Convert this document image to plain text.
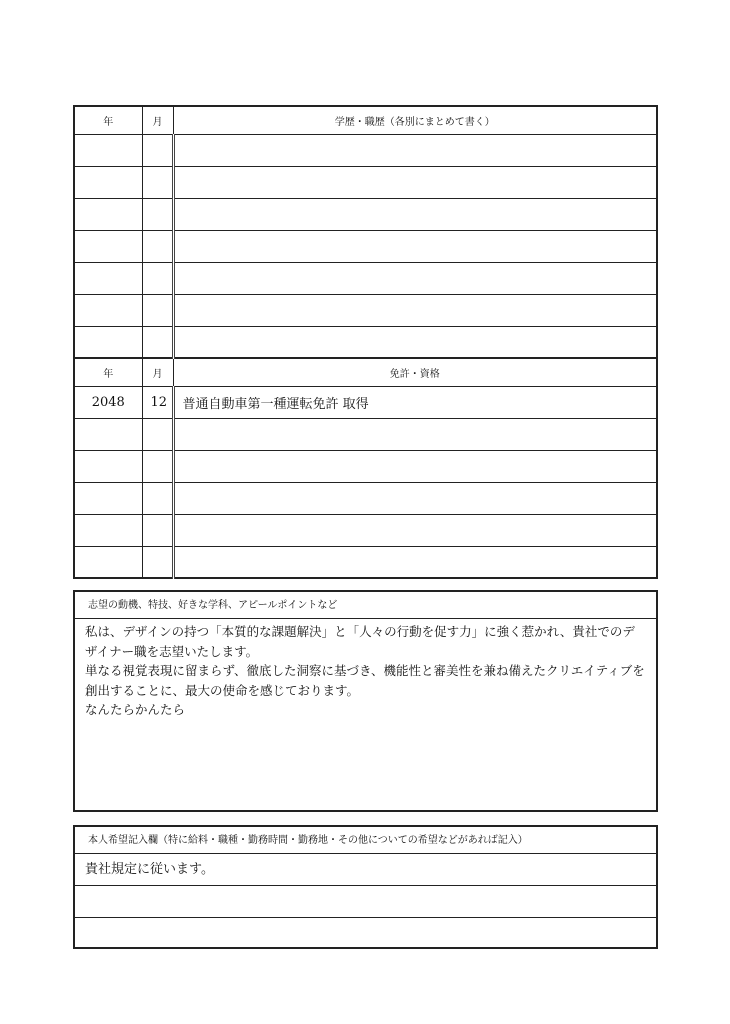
年	月	学歴・職歴（各別にまとめて書く）

年	月	免許・資格
2048	12	普通自動車第一種運転免許 取得

志望の動機、特技、好きな学科、アピールポイントなど
私は、デザインの持つ「本質的な課題解決」と「人々の行動を促す力」に強く惹かれ、貴社でのデザイナー職を志望いたします。
単なる視覚表現に留まらず、徹底した洞察に基づき、機能性と審美性を兼ね備えたクリエイティブを創出することに、最大の使命を感じております。
なんたらかんたら
本人希望記入欄（特に給料・職種・勤務時間・勤務地・その他についての希望などがあれば記入）
貴社規定に従います。
